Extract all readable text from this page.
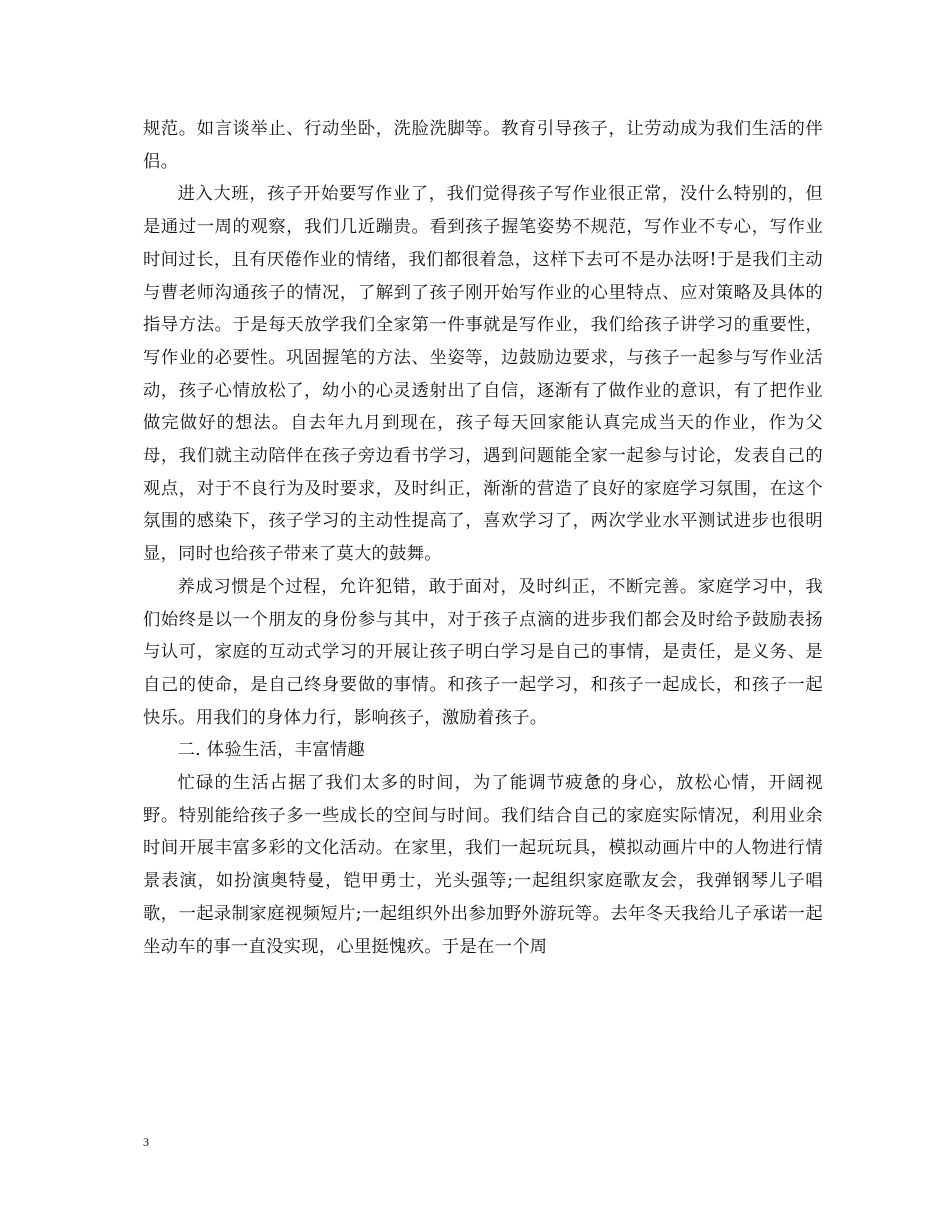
规范。如言谈举止、行动坐卧，洗脸洗脚等。教育引导孩子，让劳动成为我们生活的伴侣。

进入大班，孩子开始要写作业了，我们觉得孩子写作业很正常，没什么特别的，但是通过一周的观察，我们几近蹦贵。看到孩子握笔姿势不规范，写作业不专心，写作业时间过长，且有厌倦作业的情绪，我们都很着急，这样下去可不是办法呀!于是我们主动与曹老师沟通孩子的情况，了解到了孩子刚开始写作业的心里特点、应对策略及具体的指导方法。于是每天放学我们全家第一件事就是写作业，我们给孩子讲学习的重要性，写作业的必要性。巩固握笔的方法、坐姿等，边鼓励边要求，与孩子一起参与写作业活动，孩子心情放松了，幼小的心灵透射出了自信，逐渐有了做作业的意识，有了把作业做完做好的想法。自去年九月到现在，孩子每天回家能认真完成当天的作业，作为父母，我们就主动陪伴在孩子旁边看书学习，遇到问题能全家一起参与讨论，发表自己的观点，对于不良行为及时要求，及时纠正，渐渐的营造了良好的家庭学习氛围，在这个氛围的感染下，孩子学习的主动性提高了，喜欢学习了，两次学业水平测试进步也很明显，同时也给孩子带来了莫大的鼓舞。

养成习惯是个过程，允许犯错，敢于面对，及时纠正，不断完善。家庭学习中，我们始终是以一个朋友的身份参与其中，对于孩子点滴的进步我们都会及时给予鼓励表扬与认可，家庭的互动式学习的开展让孩子明白学习是自己的事情，是责任，是义务、是自己的使命，是自己终身要做的事情。和孩子一起学习，和孩子一起成长，和孩子一起快乐。用我们的身体力行，影响孩子，激励着孩子。

二. 体验生活，丰富情趣

忙碌的生活占据了我们太多的时间，为了能调节疲惫的身心，放松心情，开阔视野。特别能给孩子多一些成长的空间与时间。我们结合自己的家庭实际情况，利用业余时间开展丰富多彩的文化活动。在家里，我们一起玩玩具，模拟动画片中的人物进行情景表演，如扮演奥特曼，铠甲勇士，光头强等;一起组织家庭歌友会，我弹钢琴儿子唱歌，一起录制家庭视频短片;一起组织外出参加野外游玩等。去年冬天我给儿子承诺一起坐动车的事一直没实现，心里挺愧疚。于是在一个周

3
